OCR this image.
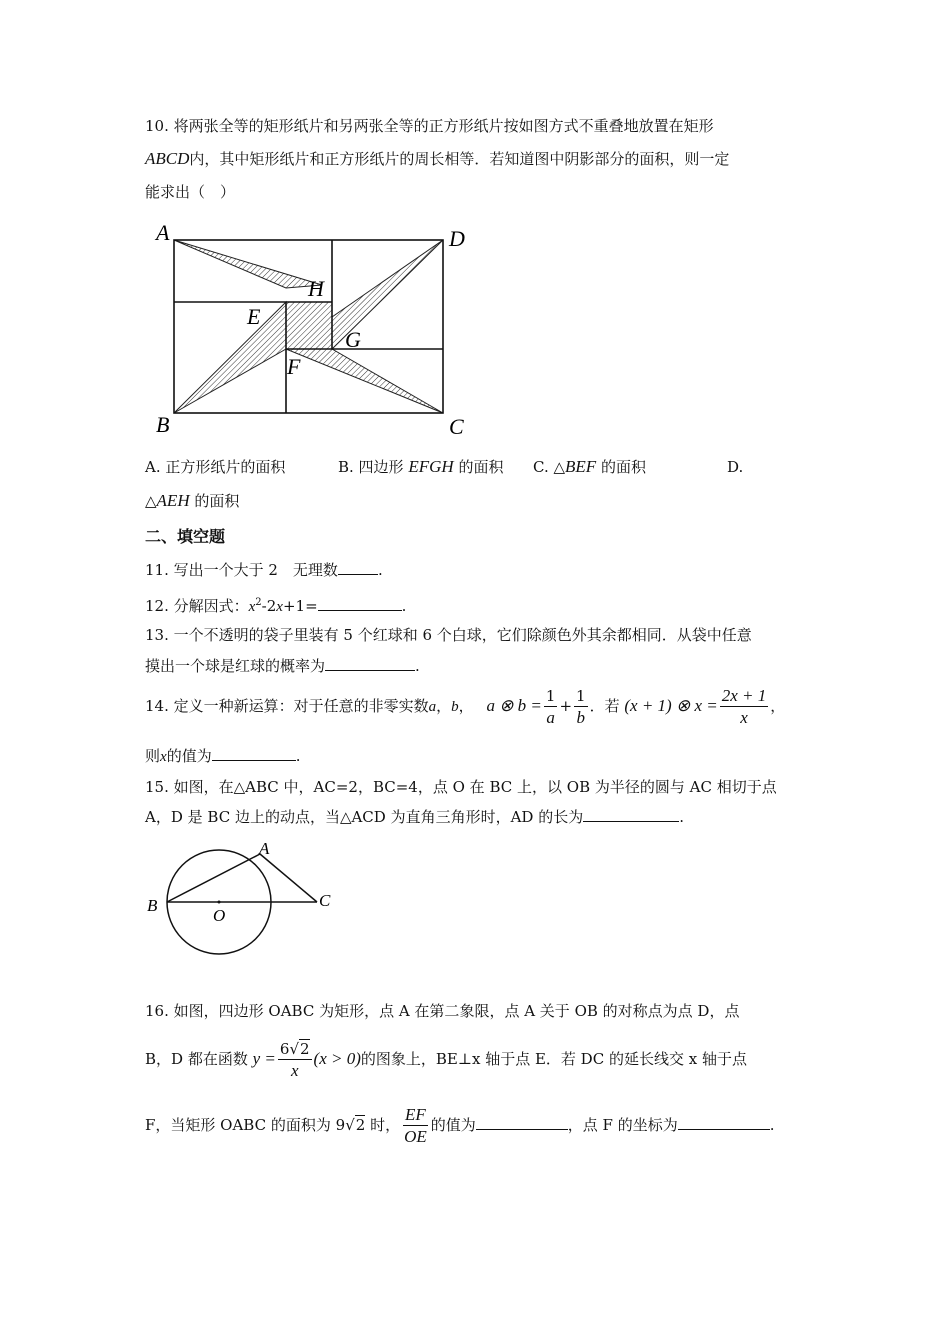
10. 将两张全等的矩形纸片和另两张全等的正方形纸片按如图方式不重叠地放置在矩形
ABCD内，其中矩形纸片和正方形纸片的周长相等．若知道图中阴影部分的面积，则一定
能求出（　）
A	D
H
E
G
F
B	C
A. 正方形纸片的面积	B. 四边形 EFGH 的面积 C. △BEF 的面积	D.
△AEH 的面积
二、填空题
11. 写出一个大于 2　无理数	.
12. 分解因式：$x^2-2x+1=$	.
13. 一个不透明的袋子里装有 5 个红球和 6 个白球，它们除颜色外其余都相同．从袋中任意
摸出一个球是红球的概率为	.
14. 定义一种新运算：对于任意的非零实数a，b， a ⊗ $b = \frac{1}{a} + \frac{1}{b}$ ．若 (x + 1) ⊗ $x = \frac{2x + 1}{x}$ ，
则x的值为	.
15. 如图，在△ABC 中，AC=2，BC=4，点 O 在 BC 上，以 OB 为半径的圆与 AC 相切于点
A，D 是 BC 边上的动点，当△ACD 为直角三角形时，AD 的长为	.
A
B
O
C
16. 如图，四边形 OABC 为矩形，点 A 在第二象限，点 A 关于 OB 的对称点为点 D，点
B，D 都在函数 $y = \frac{6√2}{x} (x > 0)$的图象上，BE⊥x 轴于点 E．若 DC 的延长线交 x 轴于点
F，当矩形 OABC 的面积为 9√2 时， $\frac{EF}{OE}$ 的值为	，点 F 的坐标为	.
